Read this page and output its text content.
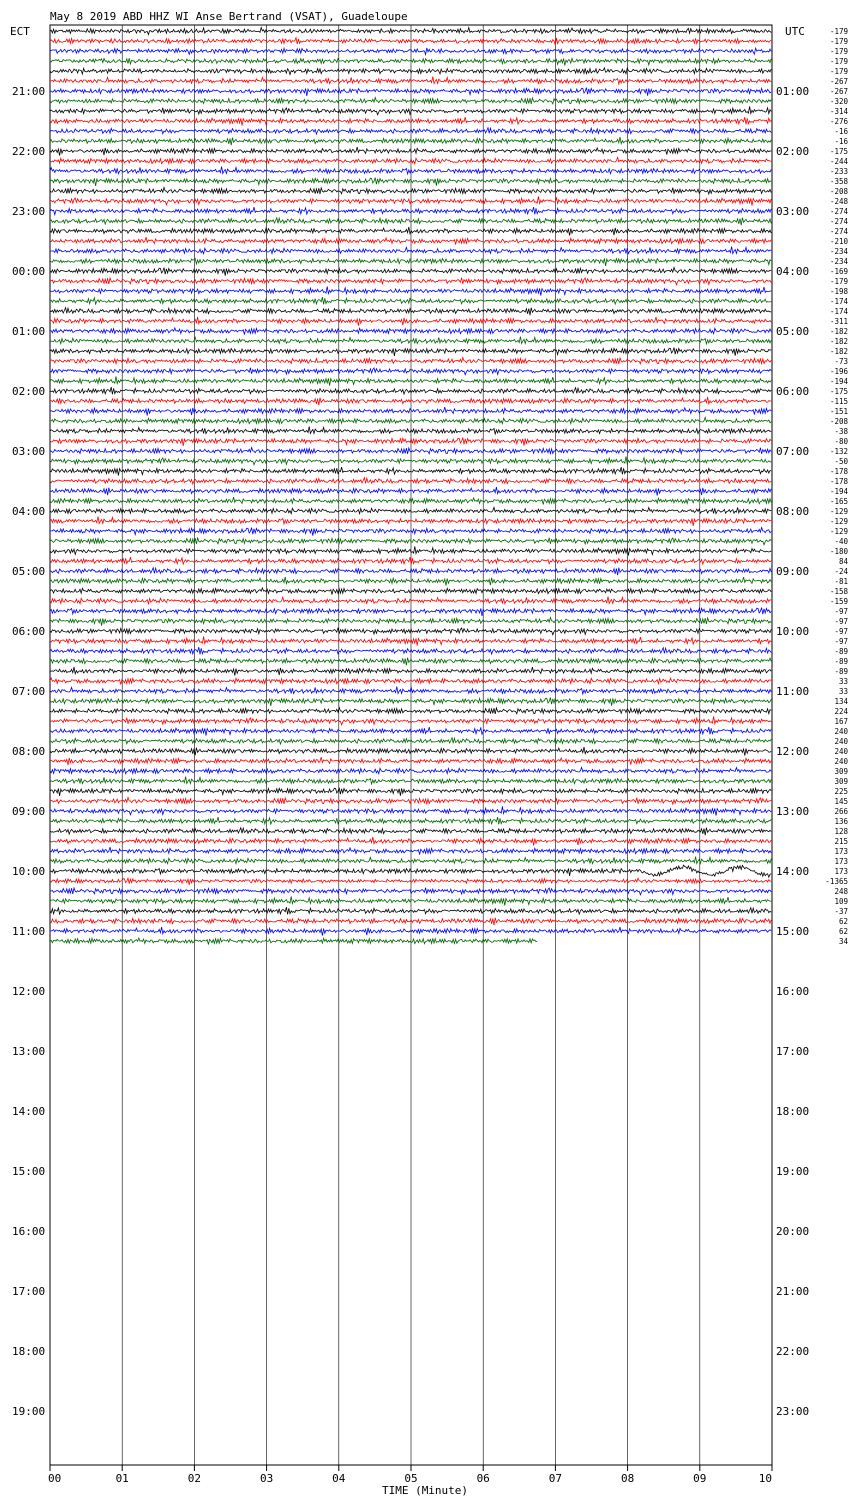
May 8 2019 ABD HHZ WI Anse Bertrand (VSAT), Guadeloupe
ECT	UTC
21:00
22:00
23:00
00:00
01:00
02:00
03:00
04:00
05:00
06:00
07:00
08:00
09:00
10:00
11:00
12:00
13:00
14:00
15:00
16:00
17:00
18:00
19:00
01:00
02:00
03:00
04:00
05:00
06:00
07:00
08:00
09:00
10:00
11:00
12:00
13:00
14:00
15:00
16:00
17:00
18:00
19:00
20:00
21:00
22:00
23:00
-179
-179
-179
-179
-179
-267
-267
-320
-314
-276
-16
-16
-175
-244
-233
-358
-208
-248
-274
-274
-274
-210
-234
-234
-169
-179
-198
-174
-174
-311
-182
-182
-182
-73
-196
-194
-175
-115
-151
-208
-38
-80
-132
-50
-178
-178
-194
-165
-129
-129
-129
-40
-180
84
-24
-81
-158
-159
-97
-97
-97
-97
-89
-89
-89
33
33
134
224
167
240
240
240
240
309
309
225
145
266
136
128
215
173
173
173
-1365
248
109
-37
62
62
34
00	01	02	03	04	05	06	07	08	09	10
TIME (Minute)
